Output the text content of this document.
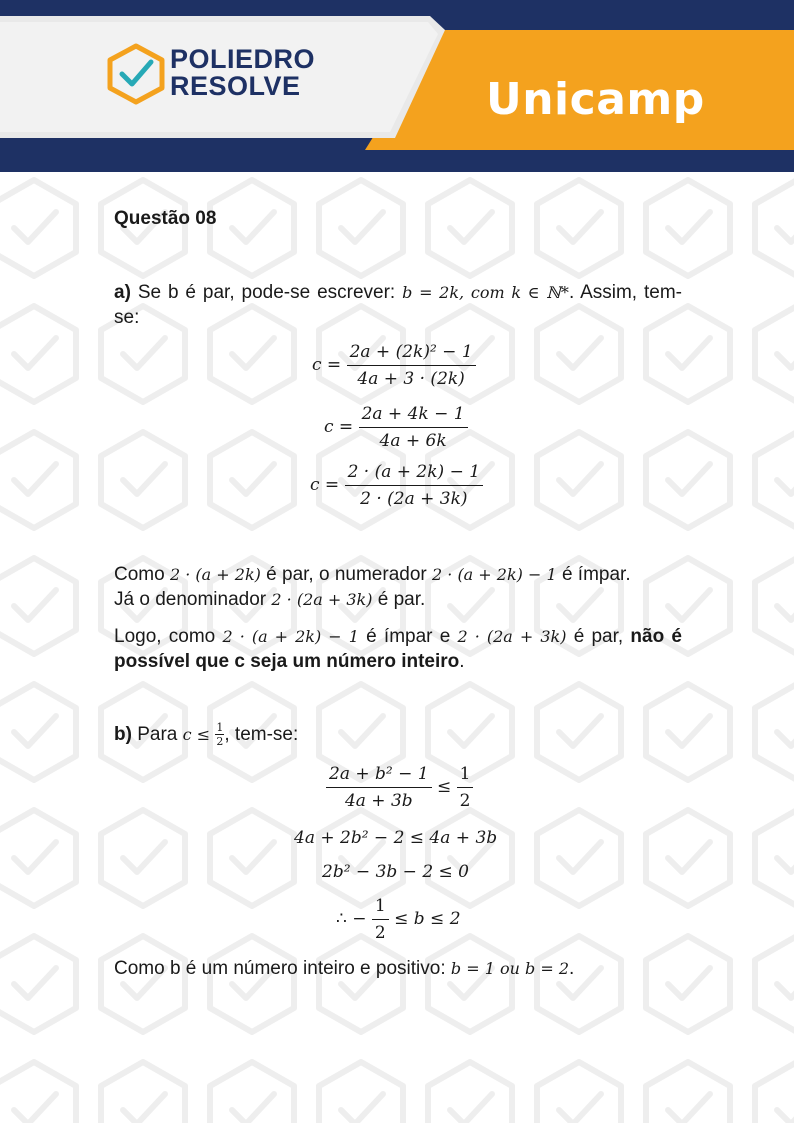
POLIEDRO
RESOLVE	Unicamp
Questão 08
a) Se b é par, pode-se escrever: b = 2k, com k ∈ ℕ*. Assim, tem-se:
$c = \frac{\text{2a + (2k)² − 1}}{4a + 3 \cdot (2k)}$
$c = \frac{2a + 4k - 1}{4a + 6k}$
$c = \frac{2 \cdot (a + 2k) - 1}{2 \cdot (2a + 3k)}$
Como 2 · (a + 2k) é par, o numerador 2 · (a + 2k) − 1 é ímpar.
Já o denominador 2 · (2a + 3k) é par.
Logo, como 2 · (a + 2k) − 1 é ímpar e 2 · (2a + 3k) é par, não é possível que c seja um número inteiro.
b) Para $c \le \frac{1}{2}$ , tem-se:
$\frac{\text{2a + b² − 1}}{4a + 3b} \le \frac{1}{2}$
4a + 2b² − 2 ≤ 4a + 3b
2b² − 3b − 2 ≤ 0
∴ − $\frac{1}{2} \le b \le 2$
Como b é um número inteiro e positivo: b = 1 ou b = 2.
